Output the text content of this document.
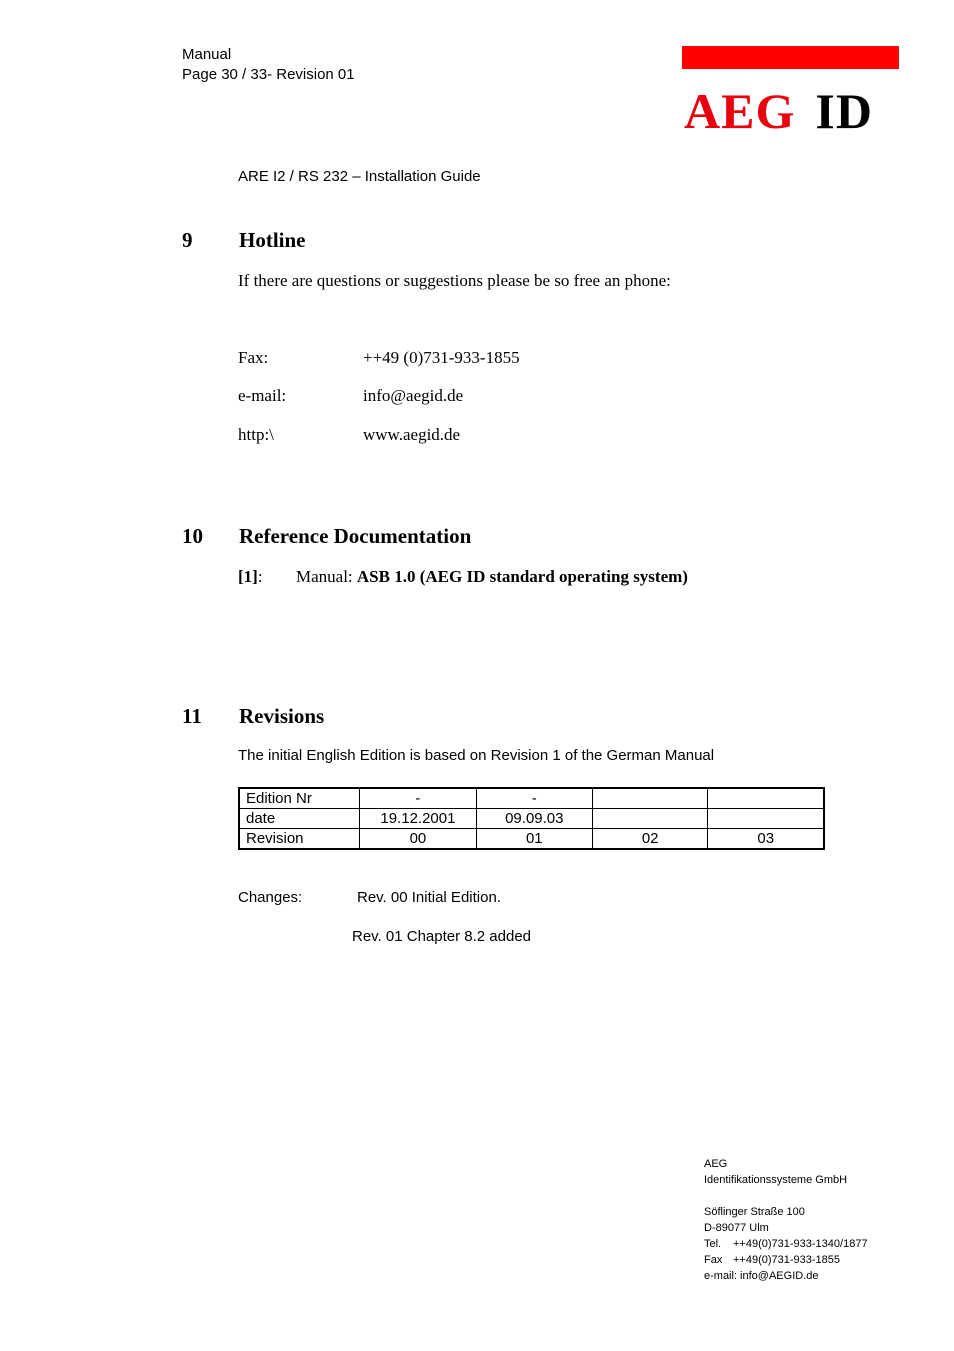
Manual
Page 30 / 33- Revision 01
AEG ID
ARE I2 / RS 232 – Installation Guide
9 Hotline
If there are questions or suggestions please be so free an phone:
Fax:	++49 (0)731-933-1855
e-mail:	info@aegid.de
http:\	www.aegid.de
10 Reference Documentation
[1]: Manual: ASB 1.0 (AEG ID standard operating system)
11 Revisions
The initial English Edition is based on Revision 1 of the German Manual
Edition Nr	-	-		
date	19.12.2001	09.09.03		
Revision	00	01	02	03
Changes:	Rev. 00 Initial Edition.
Rev. 01 Chapter 8.2 added
AEG
Identifikationssysteme GmbH
Söflinger Straße 100
D-89077 Ulm
Tel. ++49(0)731-933-1340/1877
Fax ++49(0)731-933-1855
e-mail: info@AEGID.de
